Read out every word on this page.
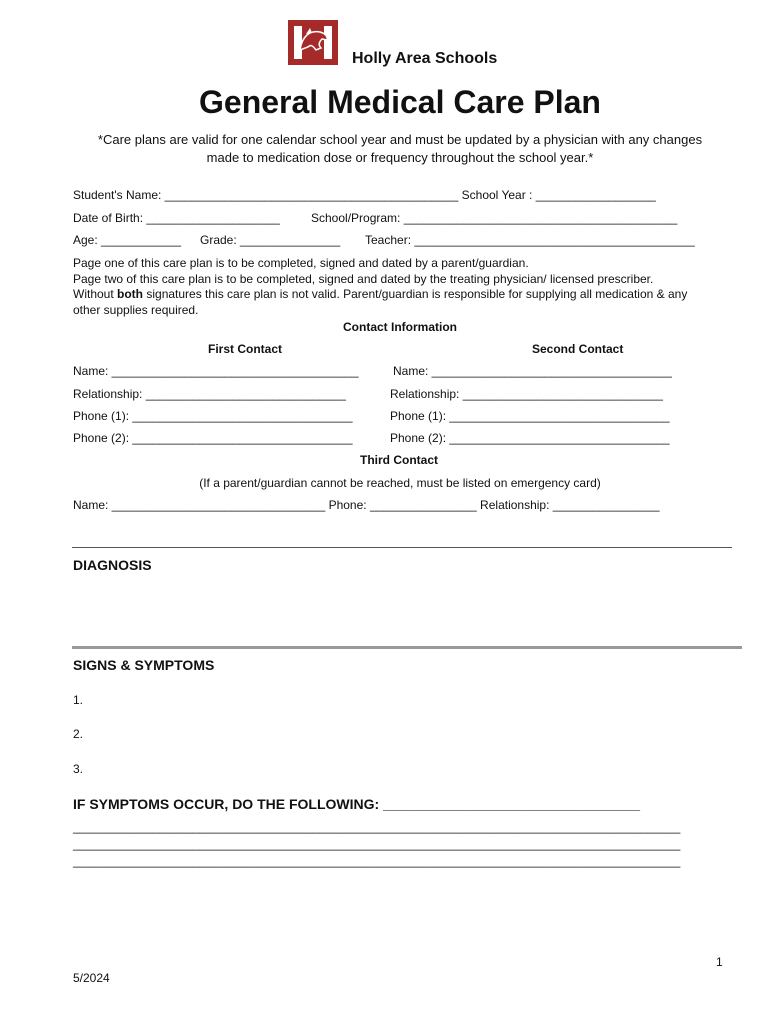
Holly Area Schools
General Medical Care Plan
*Care plans are valid for one calendar school year and must be updated by a physician with any changes
made to medication dose or frequency throughout the school year.*
Student's Name: ____________________________________________ School Year : __________________
Date of Birth: ____________________	School/Program: _________________________________________
Age: ____________ Grade: _______________ Teacher: __________________________________________
Page one of this care plan is to be completed, signed and dated by a parent/guardian.
Page two of this care plan is to be completed, signed and dated by the treating physician/ licensed prescriber.
Without both signatures this care plan is not valid. Parent/guardian is responsible for supplying all medication & any
other supplies required.
Contact Information
First Contact	Second Contact
Name: _____________________________________	Name: ____________________________________
Relationship: ______________________________	Relationship: ______________________________
Phone (1): _________________________________	Phone (1): _________________________________
Phone (2): _________________________________	Phone (2): _________________________________
Third Contact
(If a parent/guardian cannot be reached, must be listed on emergency card)
Name: ________________________________ Phone: ________________ Relationship: ________________
DIAGNOSIS
SIGNS & SYMPTOMS
1.
2.
3.
IF SYMPTOMS OCCUR, DO THE FOLLOWING: _________________________________
___________________________________________________________________________________________
___________________________________________________________________________________________
___________________________________________________________________________________________
1
5/2024
